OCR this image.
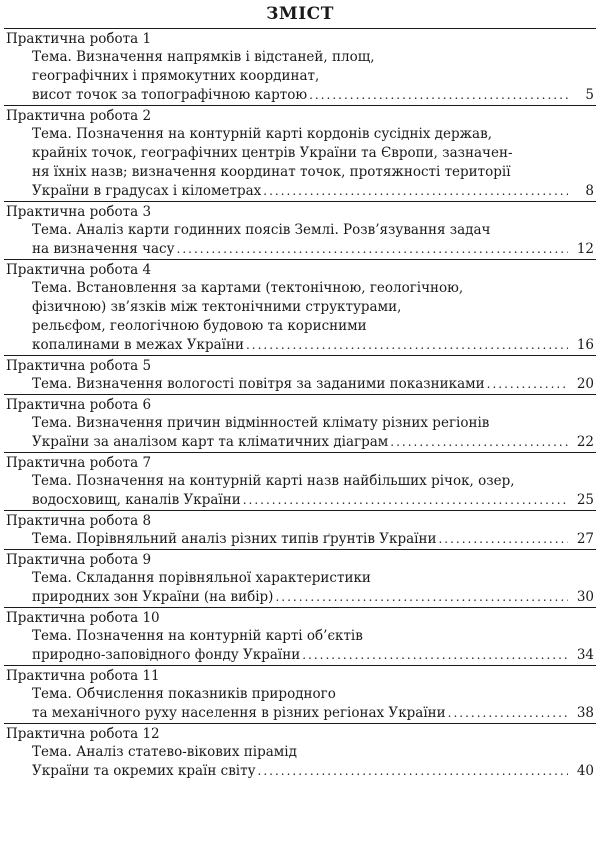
ЗМІСТ
Практична робота 1
Тема. Визначення напрямків і відстаней, площ,
географічних і прямокутних координат,
висот точок за топографічною картою .....	5
Практична робота 2
Тема. Позначення на контурній карті кордонів сусідніх держав,
крайніх точок, географічних центрів України та Європи, зазначен-
ня їхніх назв; визначення координат точок, протяжності території
України в градусах і кілометрах .....	8
Практична робота 3
Тема. Аналіз карти годинних поясів Землі. Розв’язування задач
на визначення часу .....	12
Практична робота 4
Тема. Встановлення за картами (тектонічною, геологічною,
фізичною) зв’язків між тектонічними структурами,
рельєфом, геологічною будовою та корисними
копалинами в межах України .....	16
Практична робота 5
Тема. Визначення вологості повітря за заданими показниками .....	20
Практична робота 6
Тема. Визначення причин відмінностей клімату різних регіонів
України за аналізом карт та кліматичних діаграм .....	22
Практична робота 7
Тема. Позначення на контурній карті назв найбільших річок, озер,
водосховищ, каналів України .....	25
Практична робота 8
Тема. Порівняльний аналіз різних типів ґрунтів України .....	27
Практична робота 9
Тема. Складання порівняльної характеристики
природних зон України (на вибір) .....	30
Практична робота 10
Тема. Позначення на контурній карті об’єктів
природно-заповідного фонду України .....	34
Практична робота 11
Тема. Обчислення показників природного
та механічного руху населення в різних регіонах України .....	38
Практична робота 12
Тема. Аналіз статево-вікових пірамід
України та окремих країн світу .....	40
